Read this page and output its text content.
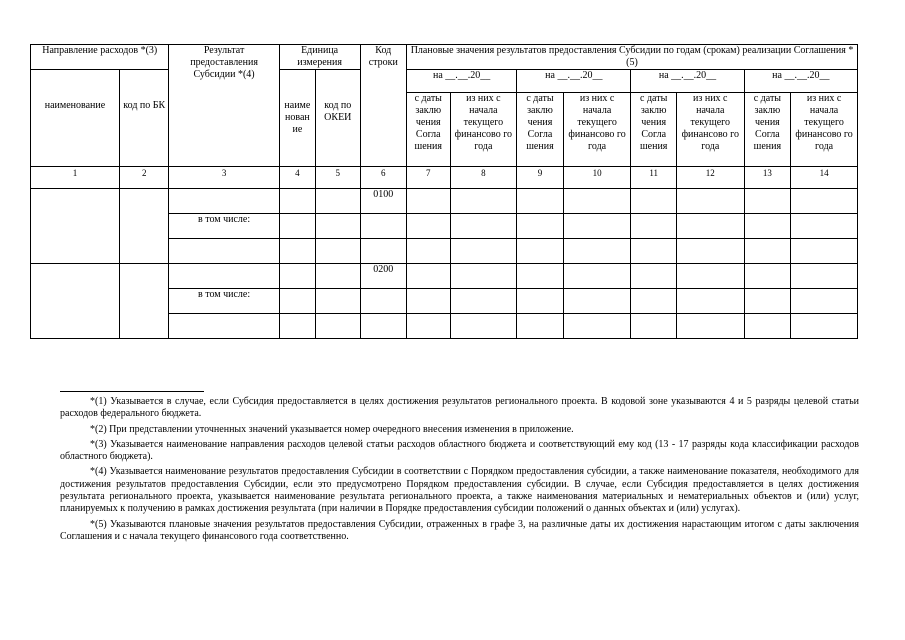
Направление расходов *(3)		Результат предоставления Субсидии *(4)	Единица измерения		Код строки	Плановые значения результатов предоставления Субсидии по годам (срокам) реализации Соглашения *(5)							

наименование	код по БК		наиме нован ие	код по ОКЕИ		на __.__.20__		на __.__.20__		на __.__.20__		на __.__.20__	
						с даты заклю чения Согла шения	из них с начала текущего финансово го года	с даты заклю чения Согла шения	из них с начала текущего финансово го года	с даты заклю чения Согла шения	из них с начала текущего финансово го года	с даты заклю чения Согла шения	из них с начала текущего финансово го года
1	2	3	4	5	6	7	8	9	10	11	12	13	14
					0100								
		в том числе:											

					0200								
		в том числе:											

*(1) Указывается в случае, если Субсидия предоставляется в целях достижения результатов регионального проекта. В кодовой зоне указываются 4 и 5 разряды целевой статьи расходов федерального бюджета.

*(2) При представлении уточненных значений указывается номер очередного внесения изменения в приложение.

*(3) Указывается наименование направления расходов целевой статьи расходов областного бюджета и соответствующий ему код (13 - 17 разряды кода классификации расходов областного бюджета).

*(4) Указывается наименование результатов предоставления Субсидии в соответствии с Порядком предоставления субсидии, а также наименование показателя, необходимого для достижения результатов предоставления Субсидии, если это предусмотрено Порядком предоставления субсидии. В случае, если Субсидия предоставляется в целях достижения результата регионального проекта, указывается наименование результата регионального проекта, а также наименования материальных и нематериальных объектов и (или) услуг, планируемых к получению в рамках достижения результата (при наличии в Порядке предоставления субсидии положений о данных объектах и (или) услугах).

*(5) Указываются плановые значения результатов предоставления Субсидии, отраженных в графе 3, на различные даты их достижения нарастающим итогом с даты заключения Соглашения и с начала текущего финансового года соответственно.
